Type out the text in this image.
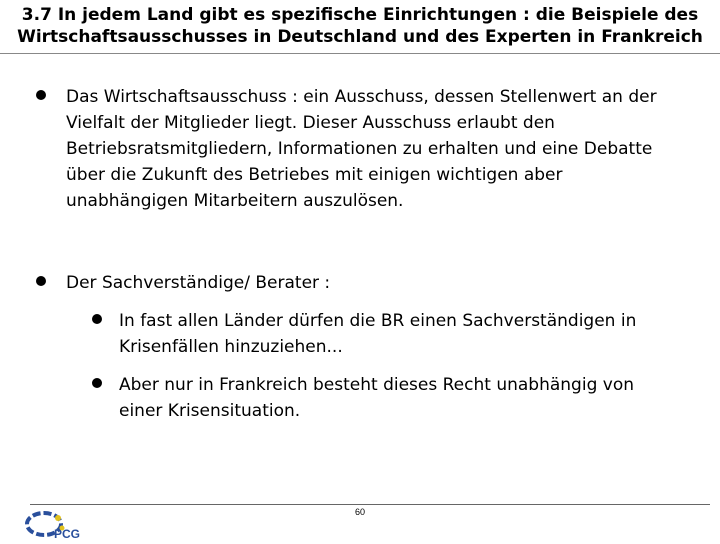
3.7 In jedem Land gibt es spezifische Einrichtungen : die Beispiele des
Wirtschaftsausschusses in Deutschland und des Experten in Frankreich
Das Wirtschaftsausschuss : ein Ausschuss, dessen Stellenwert an der
Vielfalt der Mitglieder liegt. Dieser Ausschuss erlaubt den
Betriebsratsmitgliedern, Informationen zu erhalten und eine Debatte
über die Zukunft des Betriebes mit einigen wichtigen aber
unabhängigen Mitarbeitern auszulösen.
Der Sachverständige/ Berater :
In fast allen Länder dürfen die BR einen Sachverständigen in
Krisenfällen hinzuziehen...
Aber nur in Frankreich besteht dieses Recht unabhängig von
einer Krisensituation.
60
PCG
